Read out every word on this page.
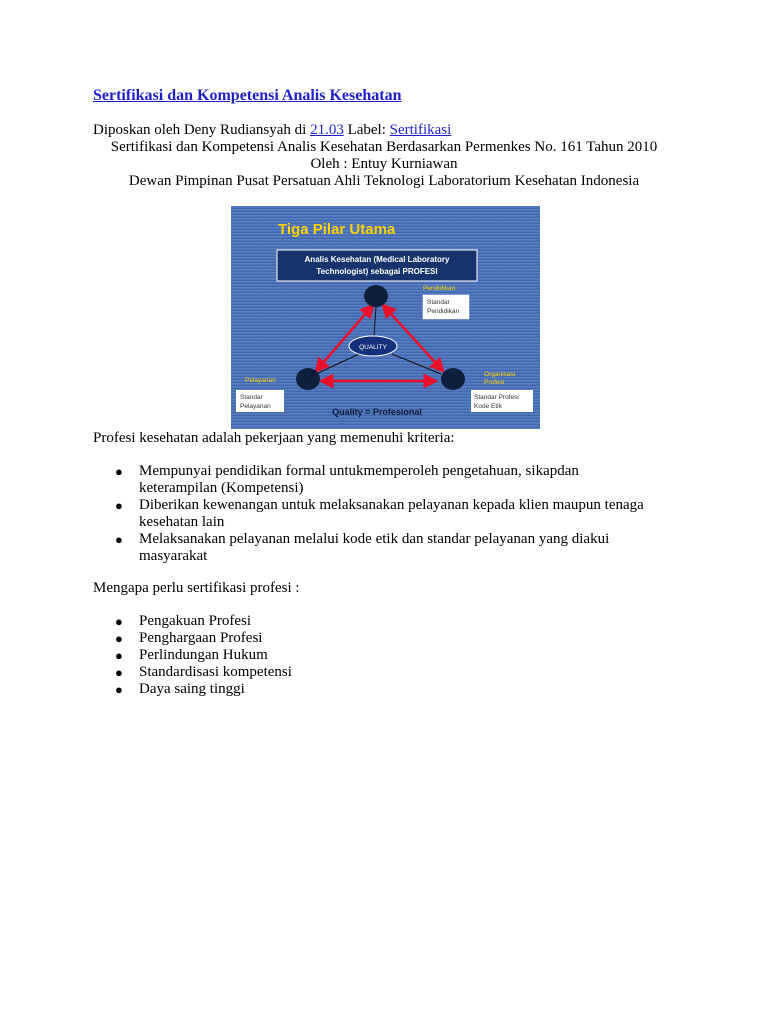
Sertifikasi dan Kompetensi Analis Kesehatan
Diposkan oleh Deny Rudiansyah di 21.03 Label: Sertifikasi
Sertifikasi dan Kompetensi Analis Kesehatan Berdasarkan Permenkes No. 161 Tahun 2010
Oleh : Entuy Kurniawan
Dewan Pimpinan Pusat Persatuan Ahli Teknologi Laboratorium Kesehatan Indonesia
Tiga Pilar Utama
Analis Kesehatan (Medical Laboratory
Technologist) sebagai PROFESI
QUALITY
Pendidikan
Standar
Pendidikan
Pelayanan
Standar
Pelayanan
Organisasi
Profesi
Standar Profesi
Kode Etik
Quality = Profesional
Profesi kesehatan adalah pekerjaan yang memenuhi kriteria:
● Mempunyai pendidikan formal untukmemperoleh pengetahuan, sikapdan
keterampilan (Kompetensi)
● Diberikan kewenangan untuk melaksanakan pelayanan kepada klien maupun tenaga
kesehatan lain
● Melaksanakan pelayanan melalui kode etik dan standar pelayanan yang diakui
masyarakat
Mengapa perlu sertifikasi profesi :
● Pengakuan Profesi
● Penghargaan Profesi
● Perlindungan Hukum
● Standardisasi kompetensi
● Daya saing tinggi
